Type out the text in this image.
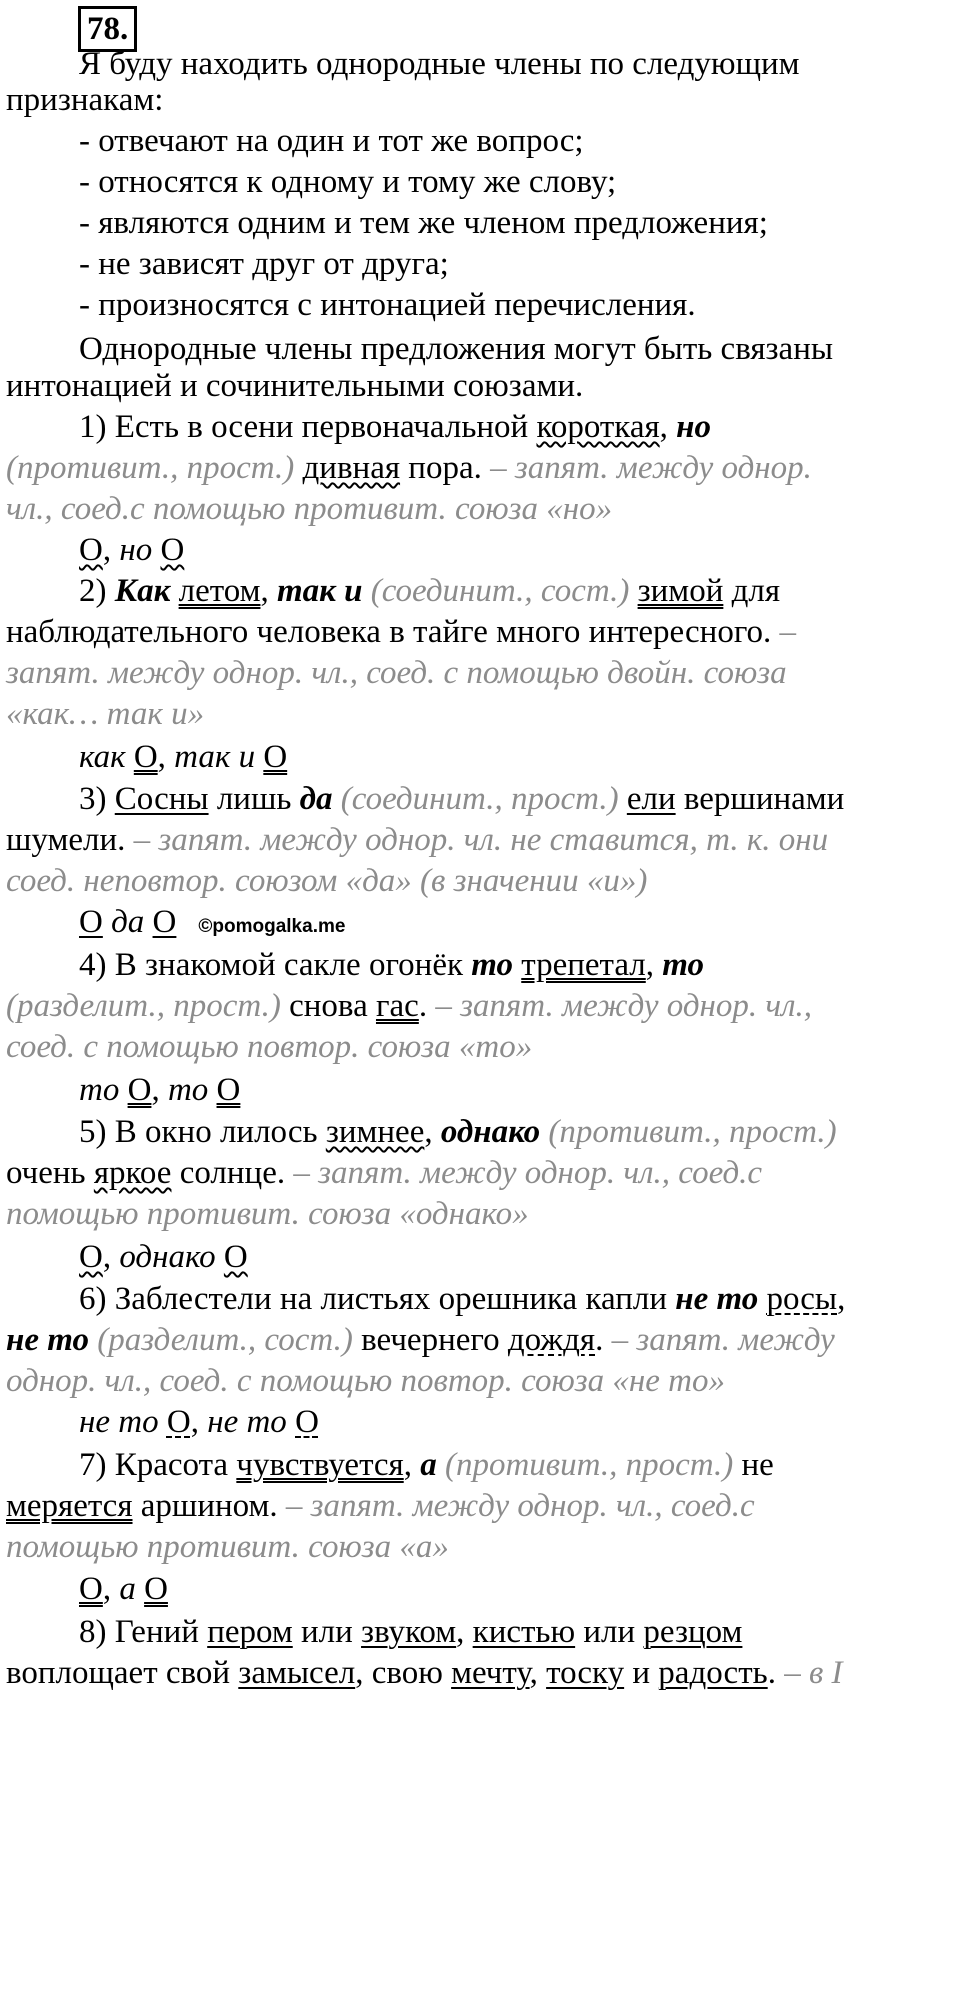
78.
Я буду находить однородные члены по следующим
признакам:
- отвечают на один и тот же вопрос;
- относятся к одному и тому же слову;
- являются одним и тем же членом предложения;
- не зависят друг от друга;
- произносятся с интонацией перечисления.
Однородные члены предложения могут быть связаны
интонацией и сочинительными союзами.
1) Есть в осени первоначальной короткая, но
(противит., прост.) дивная пора. – запят. между однор.
чл., соед.с помощью противит. союза «но»
О, но О
2) Как летом, так и (соединит., сост.) зимой для
наблюдательного человека в тайге много интересного. –
запят. между однор. чл., соед. с помощью двойн. союза
«как… так и»
как О, так и О
3) Сосны лишь да (соединит., прост.) ели вершинами
шумели. – запят. между однор. чл. не ставится, т. к. они
соед. неповтор. союзом «да» (в значении «и»)
О да О ©pomogalka.me
4) В знакомой сакле огонёк то трепетал, то
(разделит., прост.) снова гас. – запят. между однор. чл.,
соед. с помощью повтор. союза «то»
то О, то О
5) В окно лилось зимнее, однако (противит., прост.)
очень яркое солнце. – запят. между однор. чл., соед.с
помощью противит. союза «однако»
О, однако О
6) Заблестели на листьях орешника капли не то росы,
не то (разделит., сост.) вечернего дождя. – запят. между
однор. чл., соед. с помощью повтор. союза «не то»
не то О, не то О
7) Красота чувствуется, а (противит., прост.) не
меряется аршином. – запят. между однор. чл., соед.с
помощью противит. союза «а»
О, а О
8) Гений пером или звуком, кистью или резцом
воплощает свой замысел, свою мечту, тоску и радость. – в I
